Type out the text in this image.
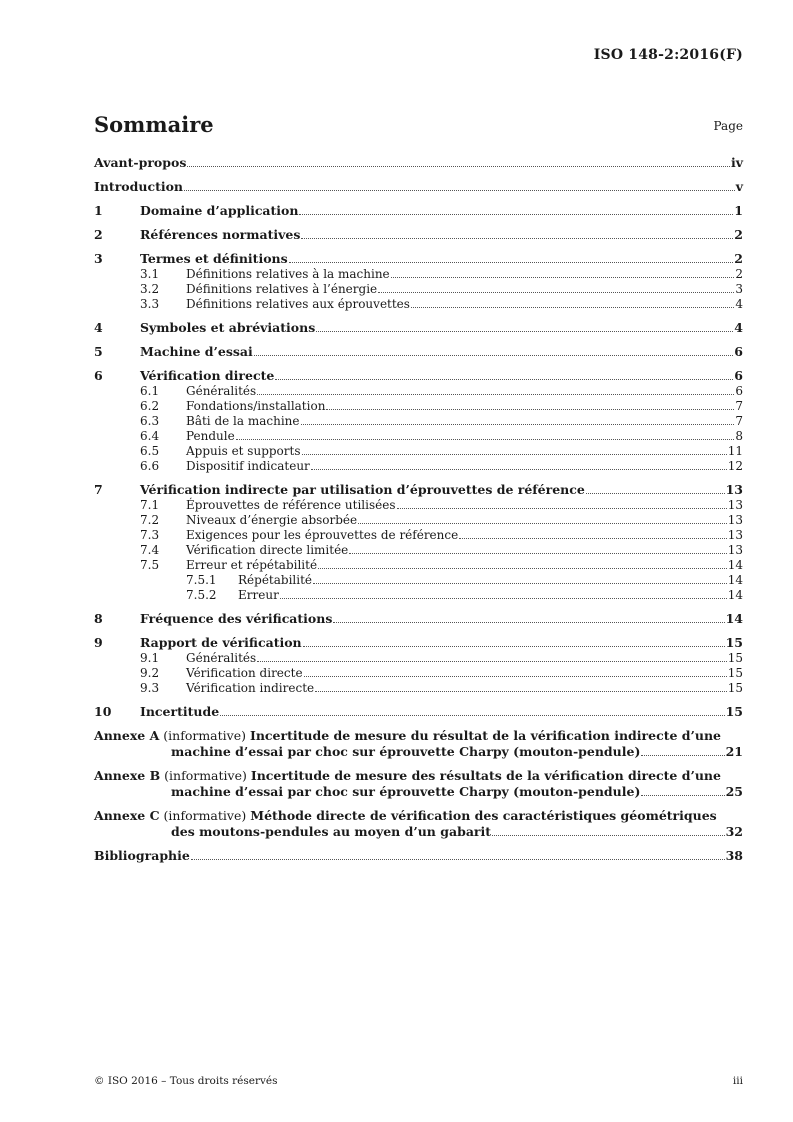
ISO 148-2:2016(F)
Sommaire	Page
Avant-propos	iv
Introduction	v
1	Domaine d’application	1
2	Références normatives	2
3	Termes et définitions	2
3.1	Définitions relatives à la machine	2
3.2	Définitions relatives à l’énergie	3
3.3	Définitions relatives aux éprouvettes	4
4	Symboles et abréviations	4
5	Machine d’essai	6
6	Vérification directe	6
6.1	Généralités	6
6.2	Fondations/installation	7
6.3	Bâti de la machine	7
6.4	Pendule	8
6.5	Appuis et supports	11
6.6	Dispositif indicateur	12
7	Vérification indirecte par utilisation d’éprouvettes de référence	13
7.1	Éprouvettes de référence utilisées	13
7.2	Niveaux d’énergie absorbée	13
7.3	Exigences pour les éprouvettes de référence	13
7.4	Vérification directe limitée	13
7.5	Erreur et répétabilité	14
7.5.1	Répétabilité	14
7.5.2	Erreur	14
8	Fréquence des vérifications	14
9	Rapport de vérification	15
9.1	Généralités	15
9.2	Vérification directe	15
9.3	Vérification indirecte	15
10	Incertitude	15
Annexe A (informative) Incertitude de mesure du résultat de la vérification indirecte d’une
machine d’essai par choc sur éprouvette Charpy (mouton-pendule)	21
Annexe B (informative) Incertitude de mesure des résultats de la vérification directe d’une
machine d’essai par choc sur éprouvette Charpy (mouton-pendule)	25
Annexe C (informative) Méthode directe de vérification des caractéristiques géométriques
des moutons-pendules au moyen d’un gabarit	32
Bibliographie	38
© ISO 2016 – Tous droits réservés	iii
